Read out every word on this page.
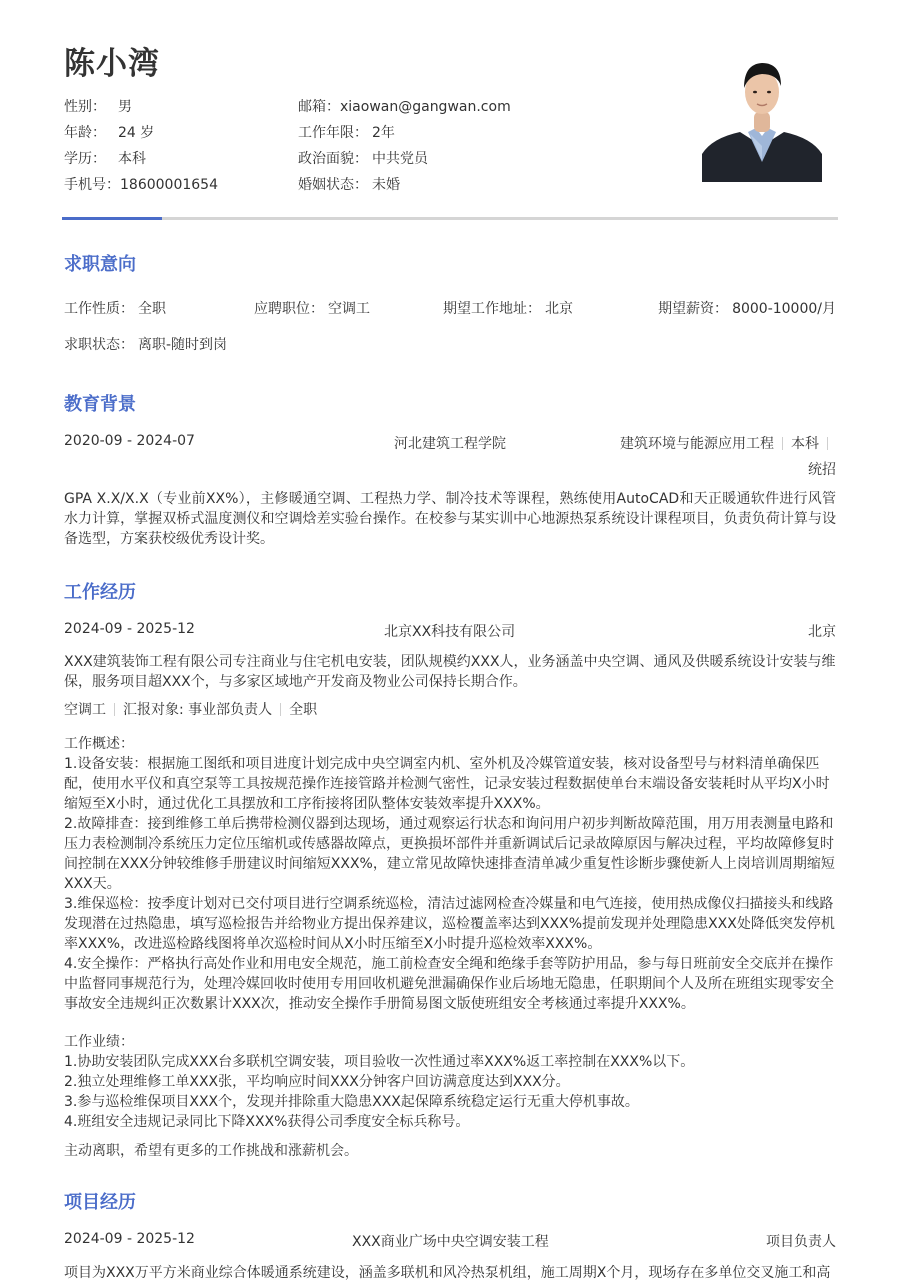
陈小湾
性别： 男
年龄： 24 岁
学历： 本科
手机号：18600001654
邮箱：xiaowan@gangwan.com
工作年限： 2年
政治面貌： 中共党员
婚姻状态： 未婚
求职意向
工作性质： 全职	应聘职位： 空调工	期望工作地址： 北京	期望薪资： 8000-10000/月
求职状态： 离职-随时到岗
教育背景
2020-09 - 2024-07	河北建筑工程学院	建筑环境与能源应用工程 本科
统招
GPA X.X/X.X（专业前XX%），主修暖通空调、工程热力学、制冷技术等课程，熟练使用AutoCAD和天正暖通软件进行风管水力计算，掌握双桥式温度测仪和空调焓差实验台操作。在校参与某实训中心地源热泵系统设计课程项目，负责负荷计算与设备选型，方案获校级优秀设计奖。
工作经历
2024-09 - 2025-12	北京XX科技有限公司	北京
XXX建筑装饰工程有限公司专注商业与住宅机电安装，团队规模约XXX人，业务涵盖中央空调、通风及供暖系统设计安装与维
保，服务项目超XXX个，与多家区域地产开发商及物业公司保持长期合作。
空调工 汇报对象: 事业部负责人 全职
工作概述：
1.设备安装：根据施工图纸和项目进度计划完成中央空调室内机、室外机及冷媒管道安装，核对设备型号与材料清单确保匹
配，使用水平仪和真空泵等工具按规范操作连接管路并检测气密性，记录安装过程数据使单台末端设备安装耗时从平均X小时
缩短至X小时，通过优化工具摆放和工序衔接将团队整体安装效率提升XXX%。
2.故障排查：接到维修工单后携带检测仪器到达现场，通过观察运行状态和询问用户初步判断故障范围，用万用表测量电路和
压力表检测制冷系统压力定位压缩机或传感器故障点，更换损坏部件并重新调试后记录故障原因与解决过程，平均故障修复时
间控制在XXX分钟较维修手册建议时间缩短XXX%，建立常见故障快速排查清单减少重复性诊断步骤使新人上岗培训周期缩短
XXX天。
3.维保巡检：按季度计划对已交付项目进行空调系统巡检，清洁过滤网检查冷媒量和电气连接，使用热成像仪扫描接头和线路
发现潜在过热隐患，填写巡检报告并给物业方提出保养建议，巡检覆盖率达到XXX%提前发现并处理隐患XXX处降低突发停机
率XXX%，改进巡检路线图将单次巡检时间从X小时压缩至X小时提升巡检效率XXX%。
4.安全操作：严格执行高处作业和用电安全规范，施工前检查安全绳和绝缘手套等防护用品，参与每日班前安全交底并在操作
中监督同事规范行为，处理冷媒回收时使用专用回收机避免泄漏确保作业后场地无隐患，任职期间个人及所在班组实现零安全
事故安全违规纠正次数累计XXX次，推动安全操作手册简易图文版使班组安全考核通过率提升XXX%。
工作业绩：
1.协助安装团队完成XXX台多联机空调安装，项目验收一次性通过率XXX%返工率控制在XXX%以下。
2.独立处理维修工单XXX张，平均响应时间XXX分钟客户回访满意度达到XXX分。
3.参与巡检维保项目XXX个，发现并排除重大隐患XXX起保障系统稳定运行无重大停机事故。
4.班组安全违规记录同比下降XXX%获得公司季度安全标兵称号。
主动离职，希望有更多的工作挑战和涨薪机会。
项目经历
2024-09 - 2025-12	XXX商业广场中央空调安装工程	项目负责人
项目为XXX万平方米商业综合体暖通系统建设，涵盖多联机和风冷热泵机组，施工周期X个月，现场存在多单位交叉施工和高
